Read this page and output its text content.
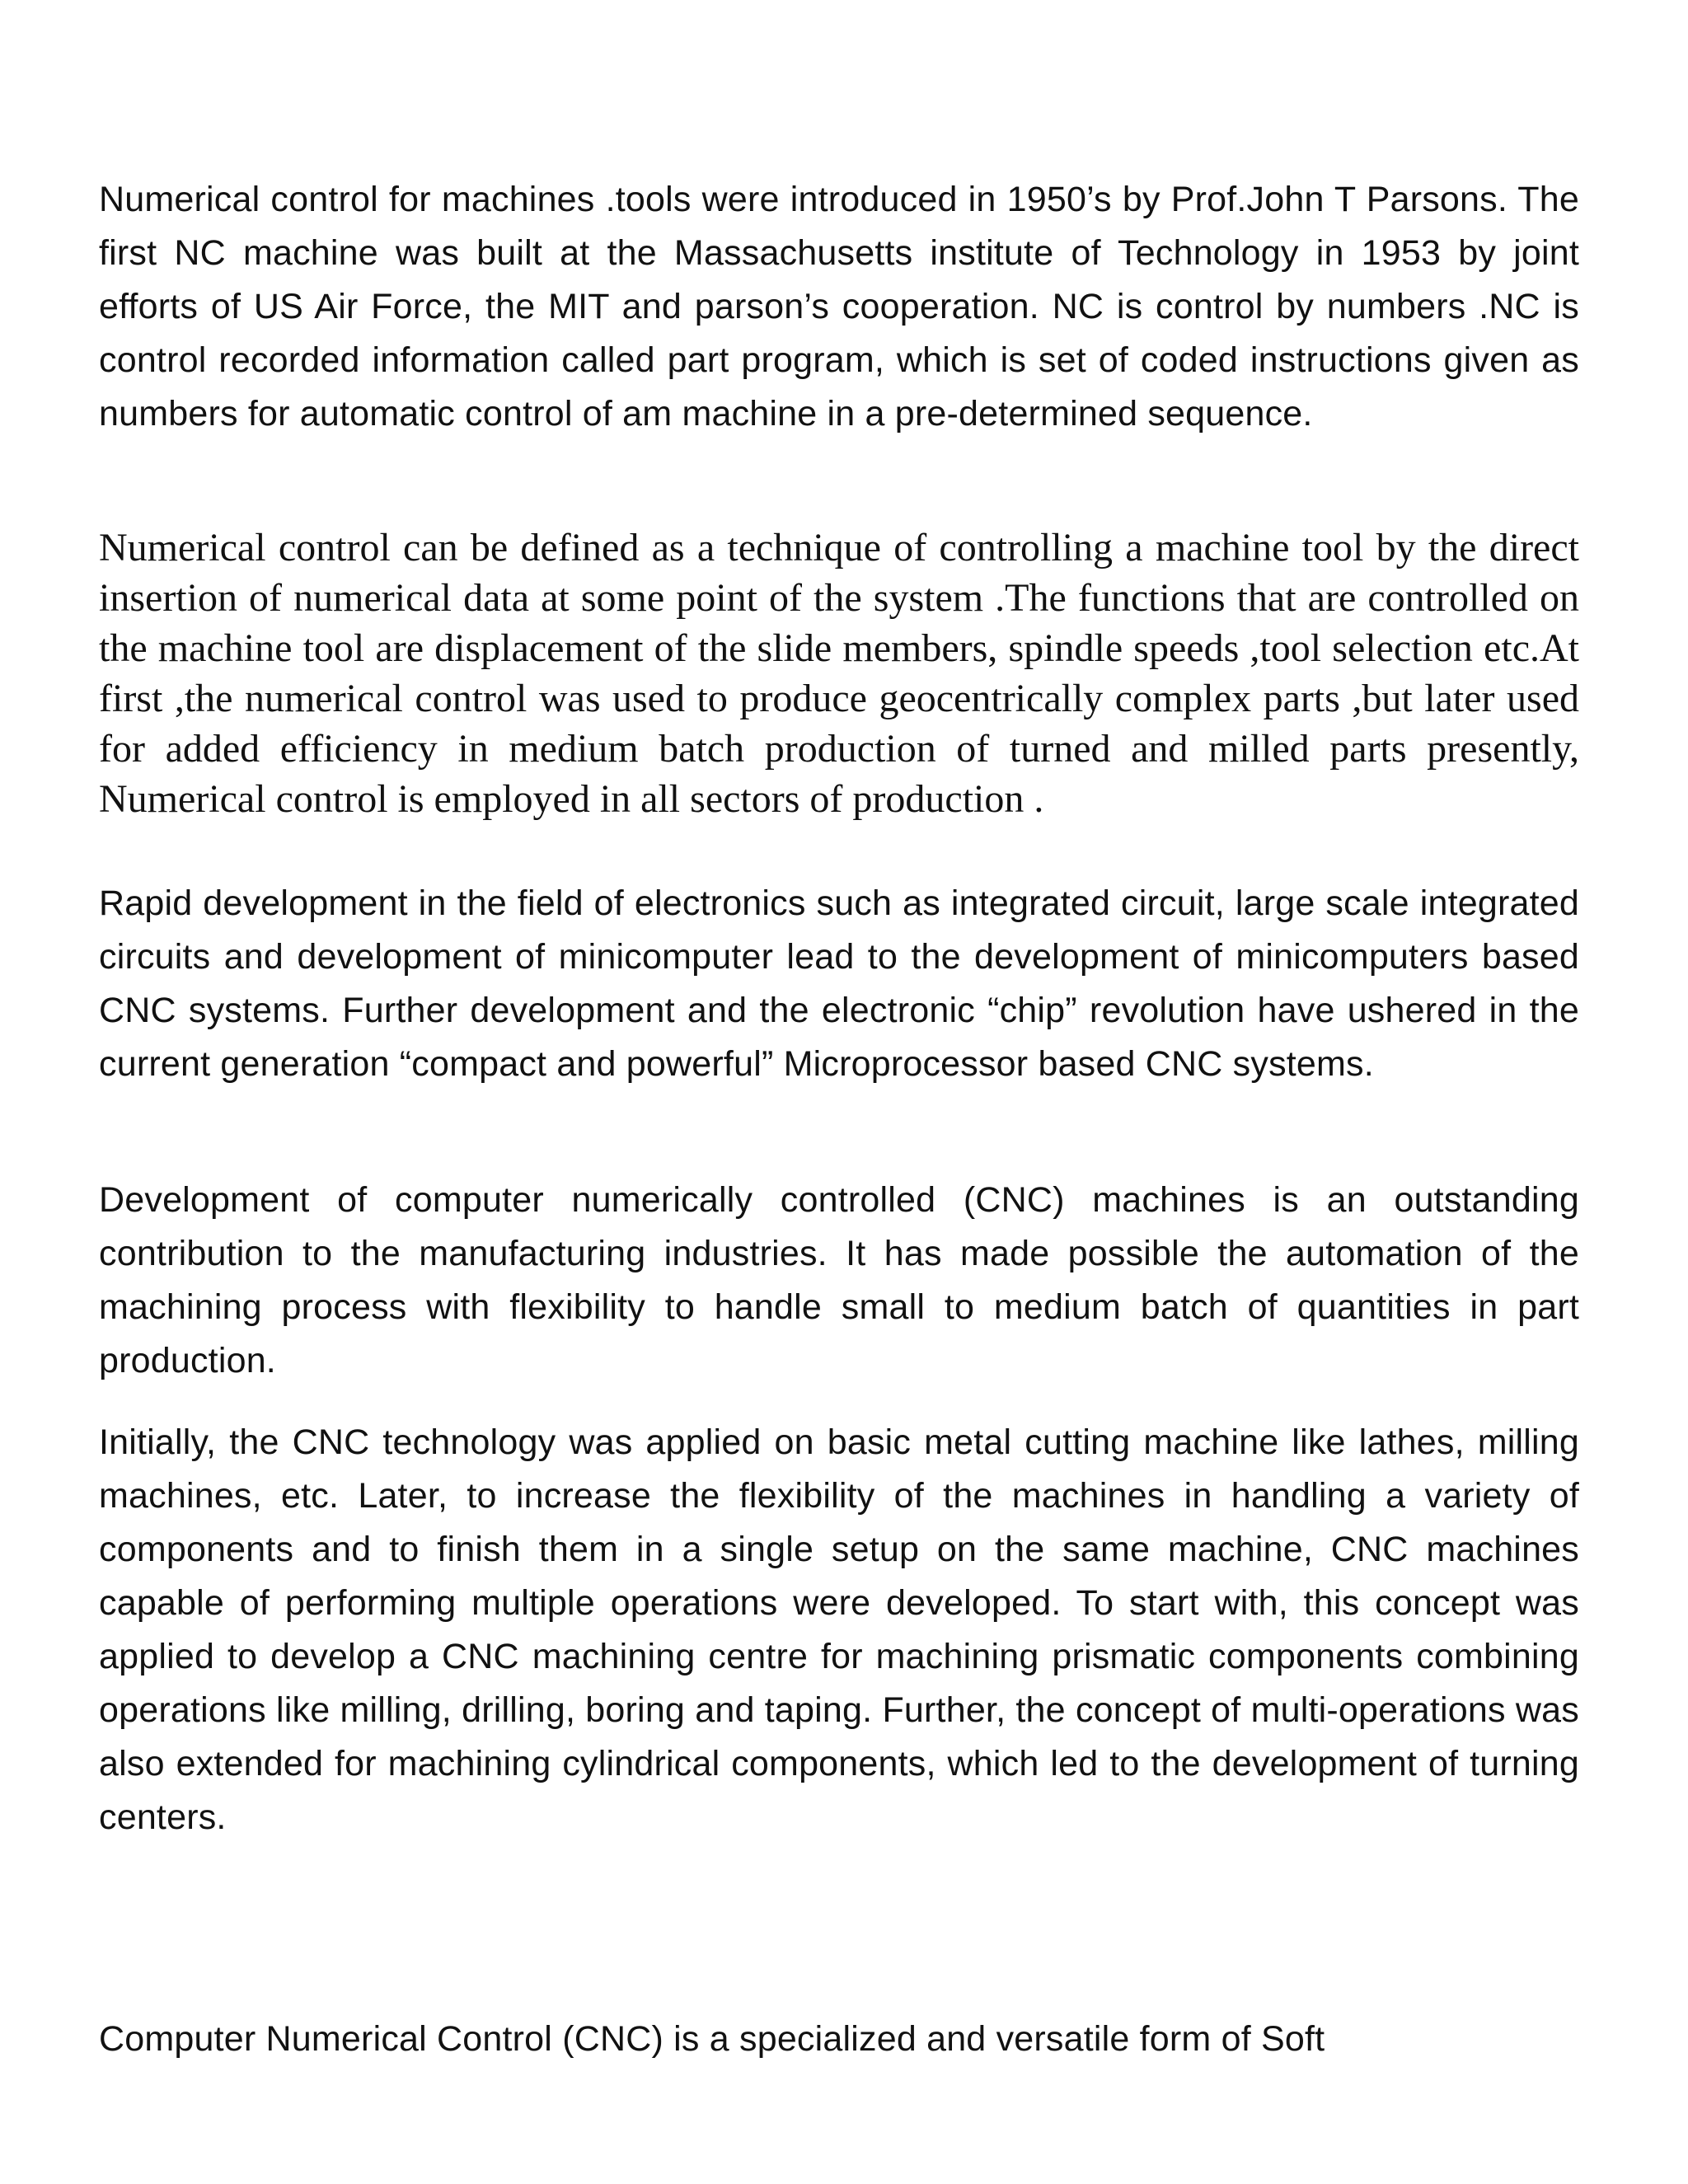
Numerical control for machines .tools were introduced in 1950’s by Prof.John T Parsons. The first NC machine was built at the Massachusetts institute of Technology in 1953 by joint efforts of US Air Force, the MIT and parson’s cooperation. NC is control by numbers .NC is control recorded information called part program, which is set of coded instructions given as numbers for automatic control of am machine in a pre-determined sequence.

Numerical control can be defined as a technique of controlling a machine tool by the direct insertion of numerical data at some point of the system .The functions that are controlled on the machine tool are displacement of the slide members, spindle speeds ,tool selection etc.At first ,the numerical control was used to produce geocentrically complex parts ,but later used for added efficiency in medium batch production of turned and milled parts presently, Numerical control is employed in all sectors of production .

Rapid development in the field of electronics such as integrated circuit, large scale integrated circuits and development of minicomputer lead to the development of minicomputers based CNC systems. Further development and the electronic “chip” revolution have ushered in the current generation “compact and powerful” Microprocessor based CNC systems.

Development of computer numerically controlled (CNC) machines is an outstanding contribution to the manufacturing industries. It has made possible the automation of the machining process with flexibility to handle small to medium batch of quantities in part production.

Initially, the CNC technology was applied on basic metal cutting machine like lathes, milling machines, etc. Later, to increase the flexibility of the machines in handling a variety of components and to finish them in a single setup on the same machine, CNC machines capable of performing multiple operations were developed. To start with, this concept was applied to develop a CNC machining centre for machining prismatic components combining operations like milling, drilling, boring and taping. Further, the concept of multi-operations was also extended for machining cylindrical components, which led to the development of turning centers.

Computer Numerical Control (CNC) is a specialized and versatile form of Soft
